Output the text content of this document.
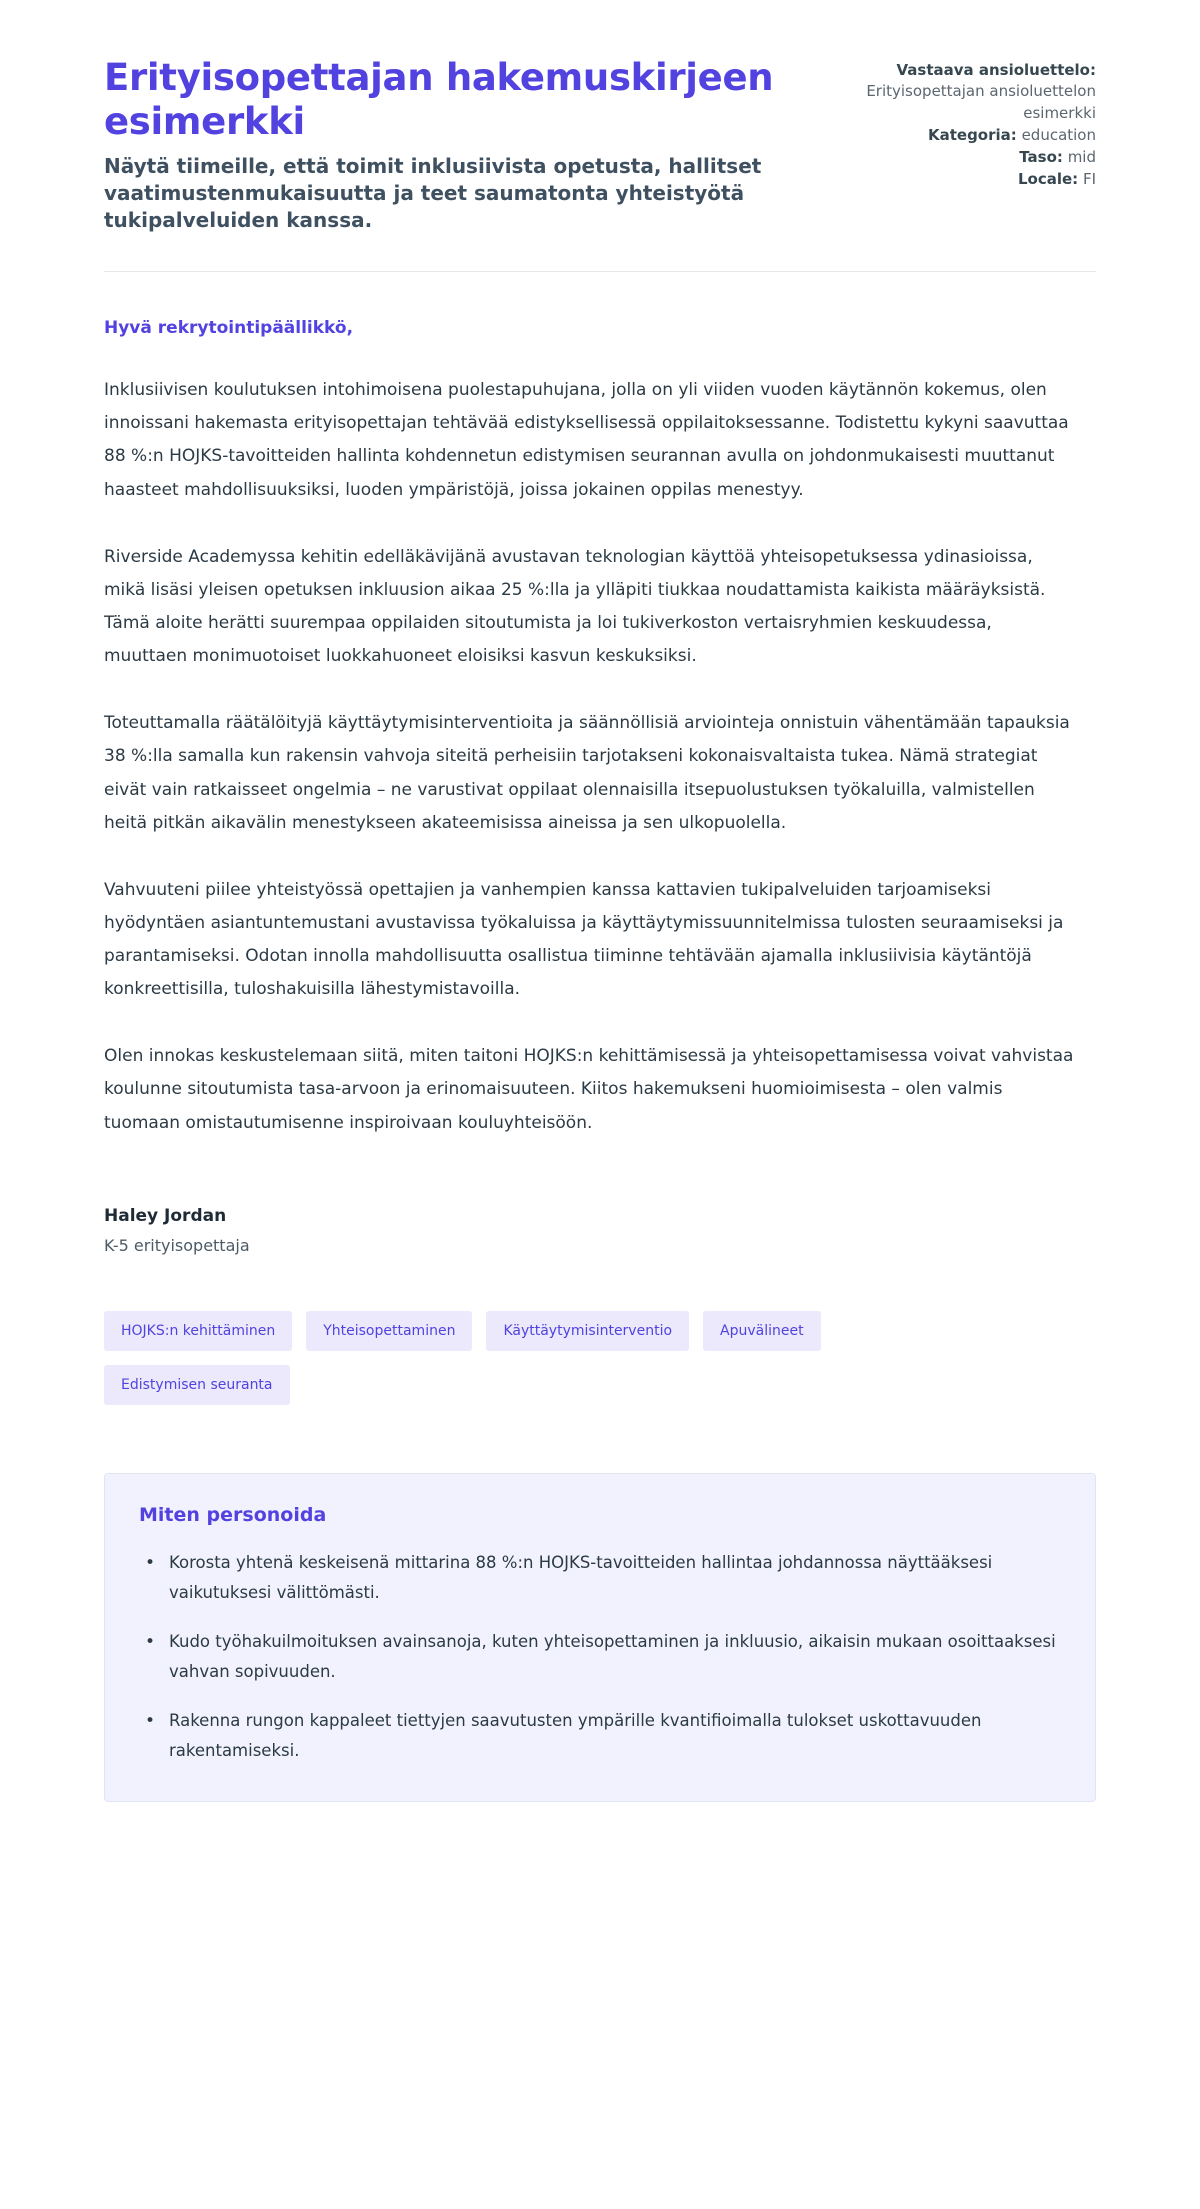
Erityisopettajan hakemuskirjeen esimerkki

Näytä tiimeille, että toimit inklusiivista opetusta, hallitset vaatimustenmukaisuutta ja teet saumatonta yhteistyötä tukipalveluiden kanssa.

Vastaava ansioluettelo: Erityisopettajan ansioluettelon esimerkki
Kategoria: education
Taso: mid
Locale: FI

Hyvä rekrytointipäällikkö,

Inklusiivisen koulutuksen intohimoisena puolestapuhujana, jolla on yli viiden vuoden käytännön kokemus, olen innoissani hakemasta erityisopettajan tehtävää edistyksellisessä oppilaitoksessanne. Todistettu kykyni saavuttaa 88 %:n HOJKS-tavoitteiden hallinta kohdennetun edistymisen seurannan avulla on johdonmukaisesti muuttanut haasteet mahdollisuuksiksi, luoden ympäristöjä, joissa jokainen oppilas menestyy.

Riverside Academyssa kehitin edelläkävijänä avustavan teknologian käyttöä yhteisopetuksessa ydinasioissa, mikä lisäsi yleisen opetuksen inkluusion aikaa 25 %:lla ja ylläpiti tiukkaa noudattamista kaikista määräyksistä. Tämä aloite herätti suurempaa oppilaiden sitoutumista ja loi tukiverkoston vertaisryhmien keskuudessa, muuttaen monimuotoiset luokkahuoneet eloisiksi kasvun keskuksiksi.

Toteuttamalla räätälöityjä käyttäytymisinterventioita ja säännöllisiä arviointeja onnistuin vähentämään tapauksia 38 %:lla samalla kun rakensin vahvoja siteitä perheisiin tarjotakseni kokonaisvaltaista tukea. Nämä strategiat eivät vain ratkaisseet ongelmia – ne varustivat oppilaat olennaisilla itsepuolustuksen työkaluilla, valmistellen heitä pitkän aikavälin menestykseen akateemisissa aineissa ja sen ulkopuolella.

Vahvuuteni piilee yhteistyössä opettajien ja vanhempien kanssa kattavien tukipalveluiden tarjoamiseksi hyödyntäen asiantuntemustani avustavissa työkaluissa ja käyttäytymissuunnitelmissa tulosten seuraamiseksi ja parantamiseksi. Odotan innolla mahdollisuutta osallistua tiiminne tehtävään ajamalla inklusiivisia käytäntöjä konkreettisilla, tuloshakuisilla lähestymistavoilla.

Olen innokas keskustelemaan siitä, miten taitoni HOJKS:n kehittämisessä ja yhteisopettamisessa voivat vahvistaa koulunne sitoutumista tasa-arvoon ja erinomaisuuteen. Kiitos hakemukseni huomioimisesta – olen valmis tuomaan omistautumisenne inspiroivaan kouluyhteisöön.

Haley Jordan

K-5 erityisopettaja

HOJKS:n kehittäminen	Yhteisopettaminen	Käyttäytymisinterventio	Apuvälineet
Edistymisen seuranta
Miten personoida
• Korosta yhtenä keskeisenä mittarina 88 %:n HOJKS-tavoitteiden hallintaa johdannossa näyttääksesi vaikutuksesi välittömästi.
• Kudo työhakuilmoituksen avainsanoja, kuten yhteisopettaminen ja inkluusio, aikaisin mukaan osoittaaksesi vahvan sopivuuden.
• Rakenna rungon kappaleet tiettyjen saavutusten ympärille kvantifioimalla tulokset uskottavuuden rakentamiseksi.
